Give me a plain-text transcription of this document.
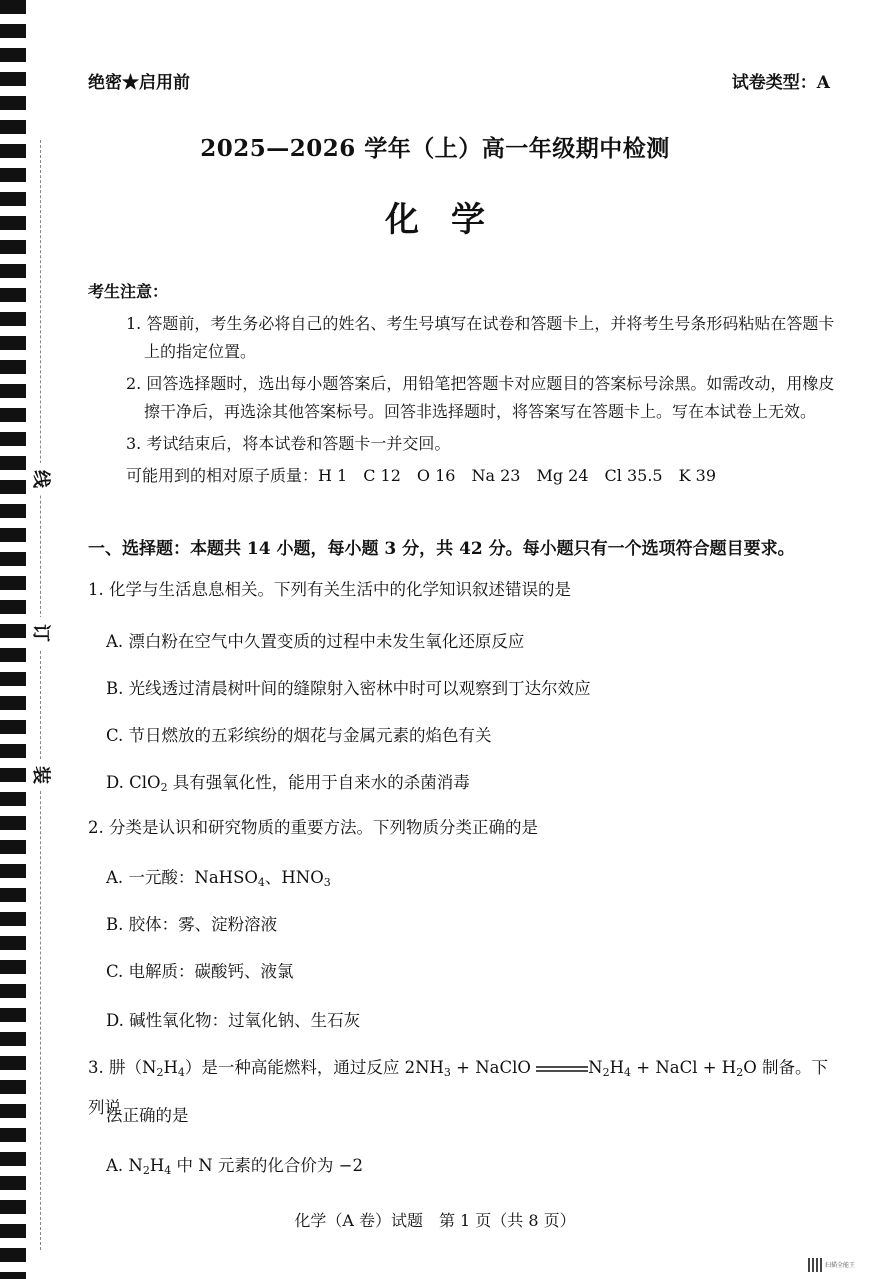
线
订
装
绝密★启用前	试卷类型：A
2025—2026 学年（上）高一年级期中检测
化学
考生注意：
1. 答题前，考生务必将自己的姓名、考生号填写在试卷和答题卡上，并将考生号条形码粘贴在答题卡上的指定位置。
2. 回答选择题时，选出每小题答案后，用铅笔把答题卡对应题目的答案标号涂黑。如需改动，用橡皮擦干净后，再选涂其他答案标号。回答非选择题时，将答案写在答题卡上。写在本试卷上无效。
3. 考试结束后，将本试卷和答题卡一并交回。
可能用到的相对原子质量：H 1　C 12　O 16　Na 23　Mg 24　Cl 35.5　K 39
一、选择题：本题共 14 小题，每小题 3 分，共 42 分。每小题只有一个选项符合题目要求。
1. 化学与生活息息相关。下列有关生活中的化学知识叙述错误的是
A. 漂白粉在空气中久置变质的过程中未发生氧化还原反应
B. 光线透过清晨树叶间的缝隙射入密林中时可以观察到丁达尔效应
C. 节日燃放的五彩缤纷的烟花与金属元素的焰色有关
D. ClO$_2$ 具有强氧化性，能用于自来水的杀菌消毒
2. 分类是认识和研究物质的重要方法。下列物质分类正确的是
A. 一元酸：NaHSO$_4$、$HNO_3$
B. 胶体：雾、淀粉溶液
C. 电解质：碳酸钙、液氯
D. 碱性氧化物：过氧化钠、生石灰
3. 肼$(N_2H_4)$是一种高能燃料，通过反应 $2NH_3$ + NaClO	$N_2H_4$ + NaCl + $H_2O$ 制备。下列说
法正确的是
A. $N_2H_4$ 中 N 元素的化合价为 −2
化学（A 卷）试题　第 1 页（共 8 页）
扫描全能王
